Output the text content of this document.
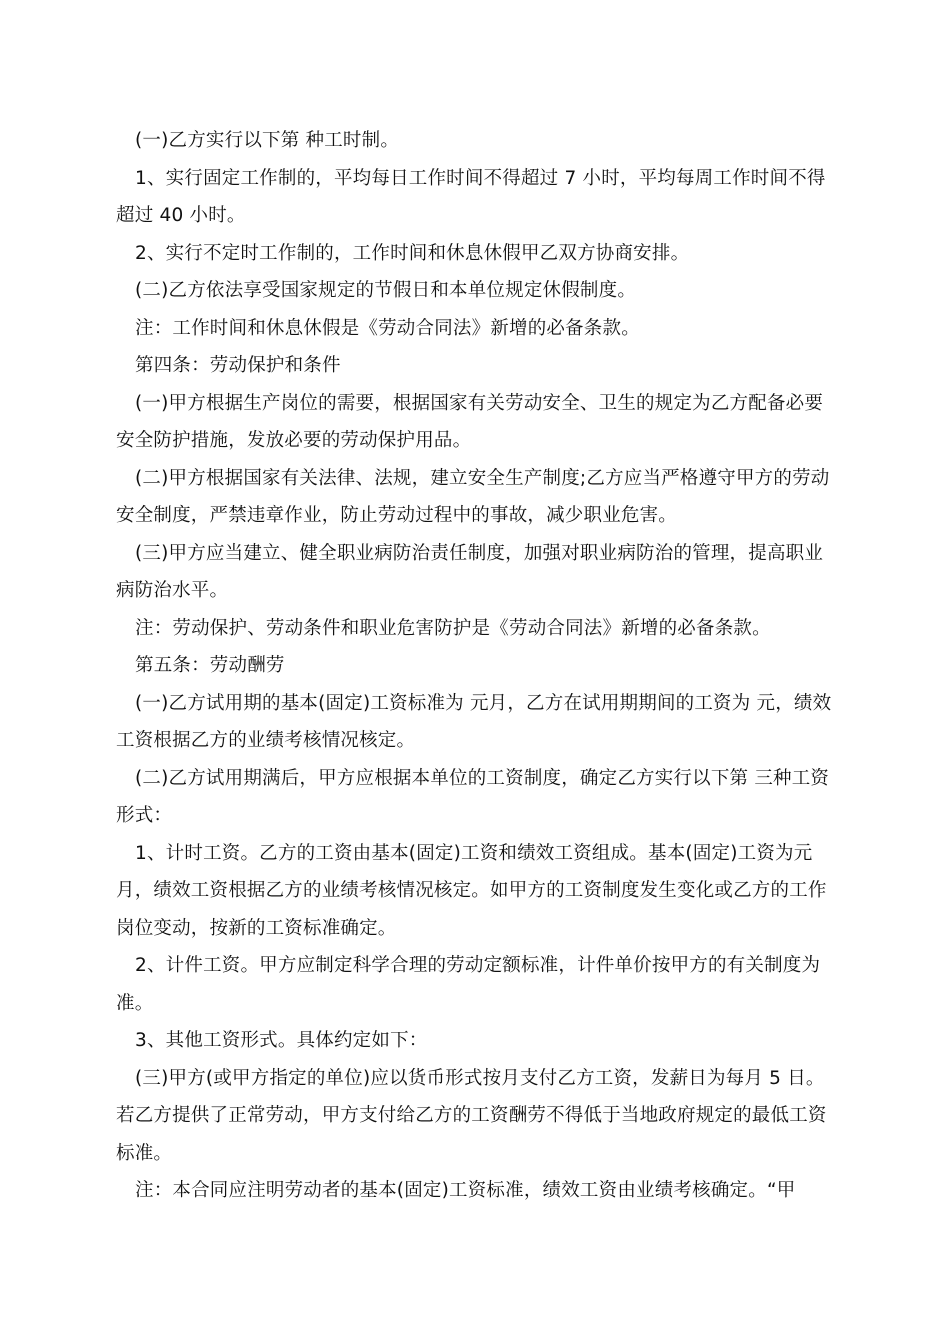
(一)乙方实行以下第 种工时制。

1、实行固定工作制的，平均每日工作时间不得超过 7 小时，平均每周工作时间不得超过 40 小时。

2、实行不定时工作制的，工作时间和休息休假甲乙双方协商安排。

(二)乙方依法享受国家规定的节假日和本单位规定休假制度。

注：工作时间和休息休假是《劳动合同法》新增的必备条款。

第四条：劳动保护和条件

(一)甲方根据生产岗位的需要，根据国家有关劳动安全、卫生的规定为乙方配备必要安全防护措施，发放必要的劳动保护用品。

(二)甲方根据国家有关法律、法规，建立安全生产制度;乙方应当严格遵守甲方的劳动安全制度，严禁违章作业，防止劳动过程中的事故，减少职业危害。

(三)甲方应当建立、健全职业病防治责任制度，加强对职业病防治的管理，提高职业病防治水平。

注：劳动保护、劳动条件和职业危害防护是《劳动合同法》新增的必备条款。

第五条：劳动酬劳

(一)乙方试用期的基本(固定)工资标准为 元月，乙方在试用期期间的工资为 元，绩效工资根据乙方的业绩考核情况核定。

(二)乙方试用期满后，甲方应根据本单位的工资制度，确定乙方实行以下第 三种工资形式：

1、计时工资。乙方的工资由基本(固定)工资和绩效工资组成。基本(固定)工资为元月，绩效工资根据乙方的业绩考核情况核定。如甲方的工资制度发生变化或乙方的工作岗位变动，按新的工资标准确定。

2、计件工资。甲方应制定科学合理的劳动定额标准，计件单价按甲方的有关制度为准。

3、其他工资形式。具体约定如下：

(三)甲方(或甲方指定的单位)应以货币形式按月支付乙方工资，发薪日为每月 5 日。若乙方提供了正常劳动，甲方支付给乙方的工资酬劳不得低于当地政府规定的最低工资标准。

注：本合同应注明劳动者的基本(固定)工资标准，绩效工资由业绩考核确定。“甲
